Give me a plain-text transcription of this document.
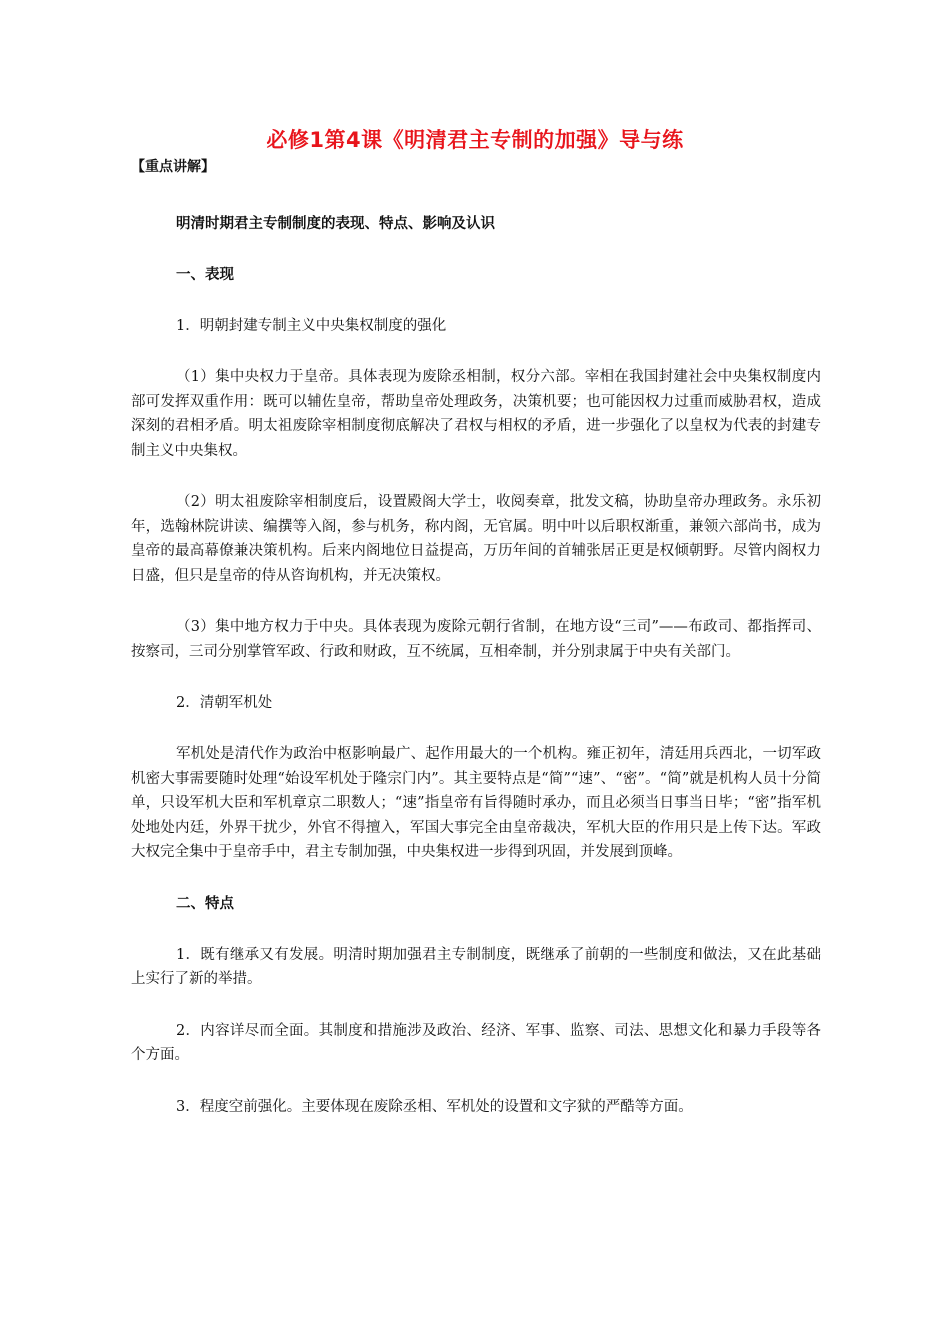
必修1第4课《明清君主专制的加强》导与练
【重点讲解】
明清时期君主专制制度的表现、特点、影响及认识
一、表现
1．明朝封建专制主义中央集权制度的强化

（1）集中央权力于皇帝。具体表现为废除丞相制，权分六部。宰相在我国封建社会中央集权制度内部可发挥双重作用：既可以辅佐皇帝，帮助皇帝处理政务，决策机要；也可能因权力过重而威胁君权，造成深刻的君相矛盾。明太祖废除宰相制度彻底解决了君权与相权的矛盾，进一步强化了以皇权为代表的封建专制主义中央集权。

（2）明太祖废除宰相制度后，设置殿阁大学士，收阅奏章，批发文稿，协助皇帝办理政务。永乐初年，选翰林院讲读、编撰等入阁，参与机务，称内阁，无官属。明中叶以后职权渐重，兼领六部尚书，成为皇帝的最高幕僚兼决策机构。后来内阁地位日益提高，万历年间的首辅张居正更是权倾朝野。尽管内阁权力日盛，但只是皇帝的侍从咨询机构，并无决策权。

（3）集中地方权力于中央。具体表现为废除元朝行省制，在地方设“三司”——布政司、都指挥司、按察司，三司分别掌管军政、行政和财政，互不统属，互相牵制，并分别隶属于中央有关部门。

2．清朝军机处

军机处是清代作为政治中枢影响最广、起作用最大的一个机构。雍正初年，清廷用兵西北，一切军政机密大事需要随时处理“始设军机处于隆宗门内”。其主要特点是“简”“速”、“密”。“简”就是机构人员十分简单，只设军机大臣和军机章京二职数人；“速”指皇帝有旨得随时承办，而且必须当日事当日毕；“密”指军机处地处内廷，外界干扰少，外官不得擅入，军国大事完全由皇帝裁决，军机大臣的作用只是上传下达。军政大权完全集中于皇帝手中，君主专制加强，中央集权进一步得到巩固，并发展到顶峰。

二、特点

1．既有继承又有发展。明清时期加强君主专制制度，既继承了前朝的一些制度和做法，又在此基础上实行了新的举措。

2．内容详尽而全面。其制度和措施涉及政治、经济、军事、监察、司法、思想文化和暴力手段等各个方面。

3．程度空前强化。主要体现在废除丞相、军机处的设置和文字狱的严酷等方面。
